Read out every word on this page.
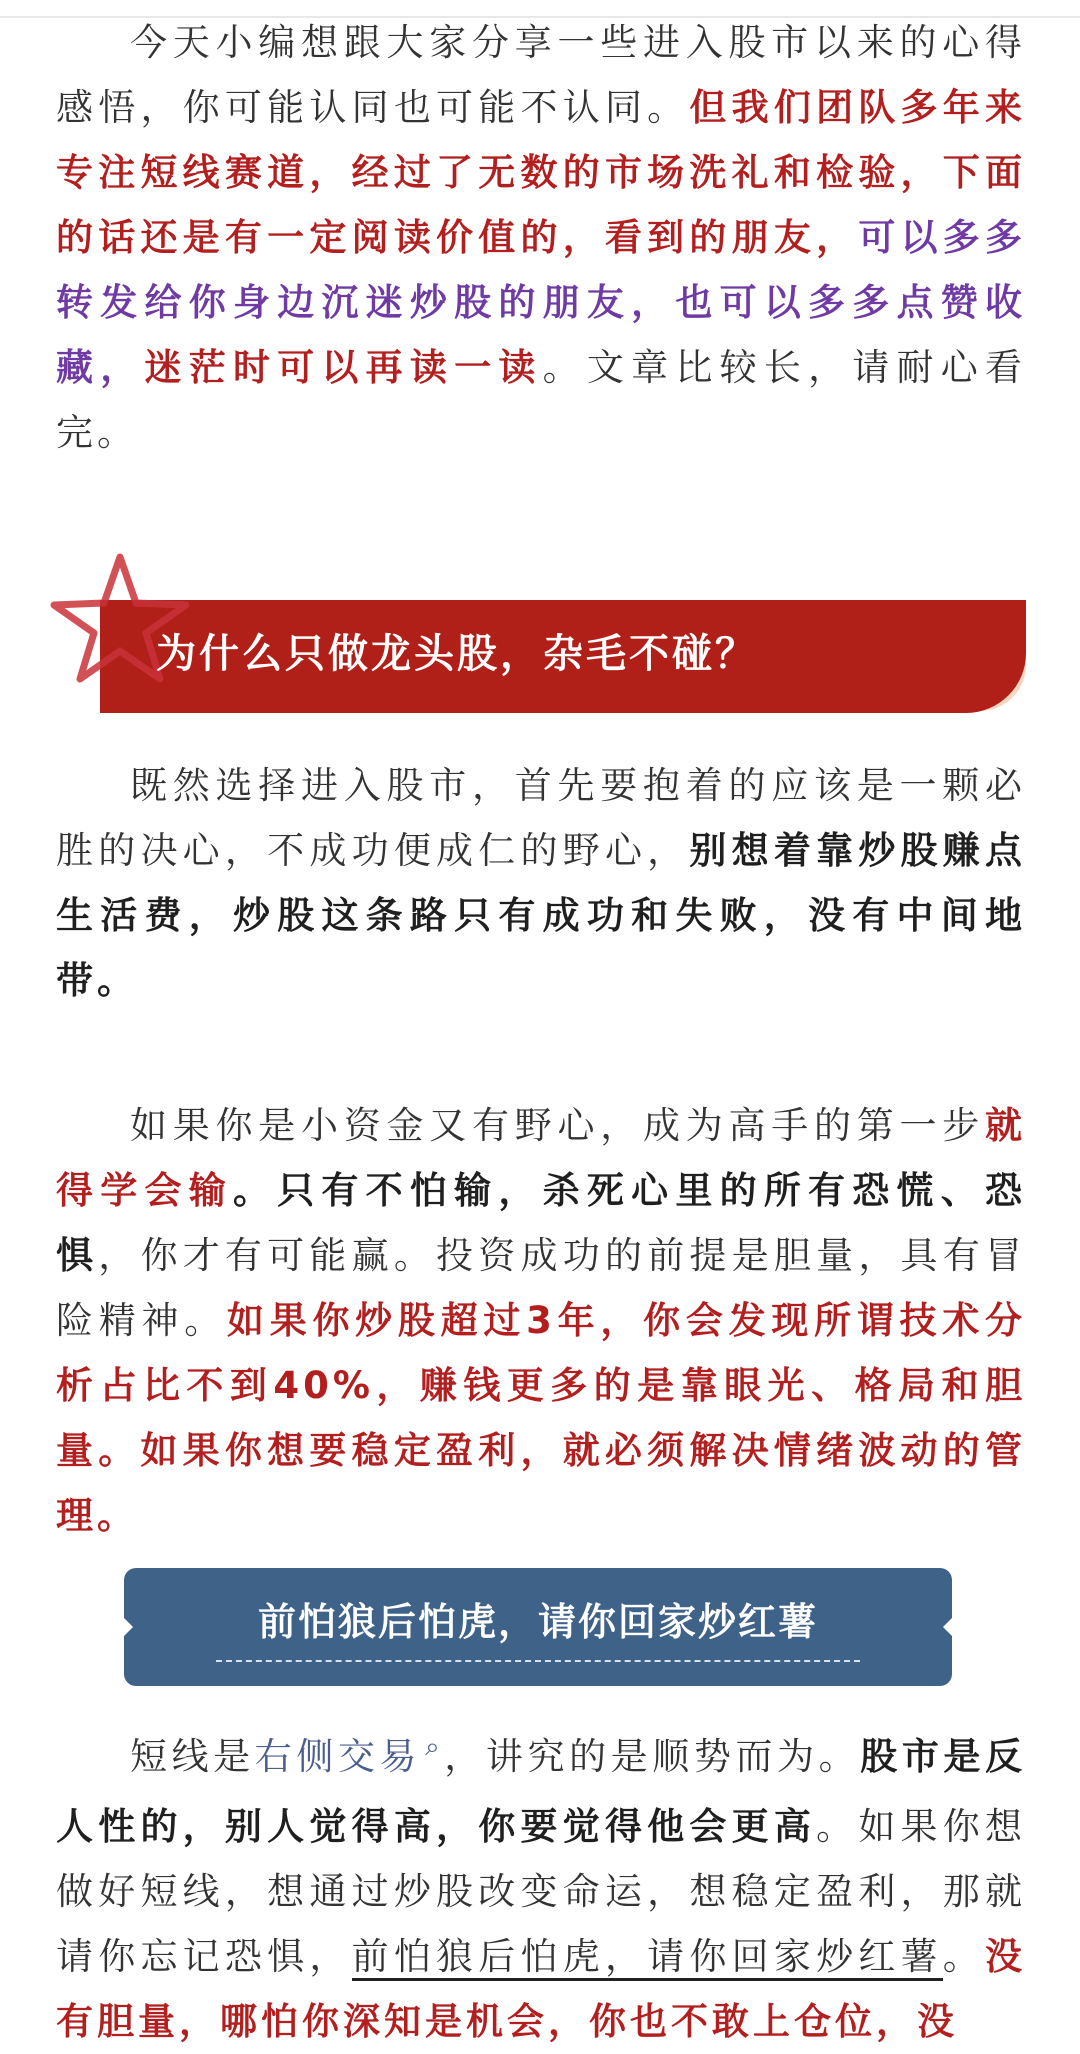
今天小编想跟大家分享一些进入股市以来的心得感悟，你可能认同也可能不认同。但我们团队多年来专注短线赛道，经过了无数的市场洗礼和检验，下面的话还是有一定阅读价值的，看到的朋友，可以多多转发给你身边沉迷炒股的朋友，也可以多多点赞收藏，迷茫时可以再读一读。文章比较长，请耐心看完。

为什么只做龙头股，杂毛不碰？

既然选择进入股市，首先要抱着的应该是一颗必胜的决心，不成功便成仁的野心，别想着靠炒股赚点生活费，炒股这条路只有成功和失败，没有中间地带。

如果你是小资金又有野心，成为高手的第一步就得学会输。只有不怕输，杀死心里的所有恐慌、恐惧，你才有可能赢。投资成功的前提是胆量，具有冒险精神。如果你炒股超过3年，你会发现所谓技术分析占比不到40%，赚钱更多的是靠眼光、格局和胆量。如果你想要稳定盈利，就必须解决情绪波动的管理。

前怕狼后怕虎，请你回家炒红薯

短线是右侧交易 ⌕，讲究的是顺势而为。股市是反人性的，别人觉得高，你要觉得他会更高。如果你想做好短线，想通过炒股改变命运，想稳定盈利，那就请你忘记恐惧，前怕狼后怕虎，请你回家炒红薯。没有胆量，哪怕你深知是机会，你也不敢上仓位，没
